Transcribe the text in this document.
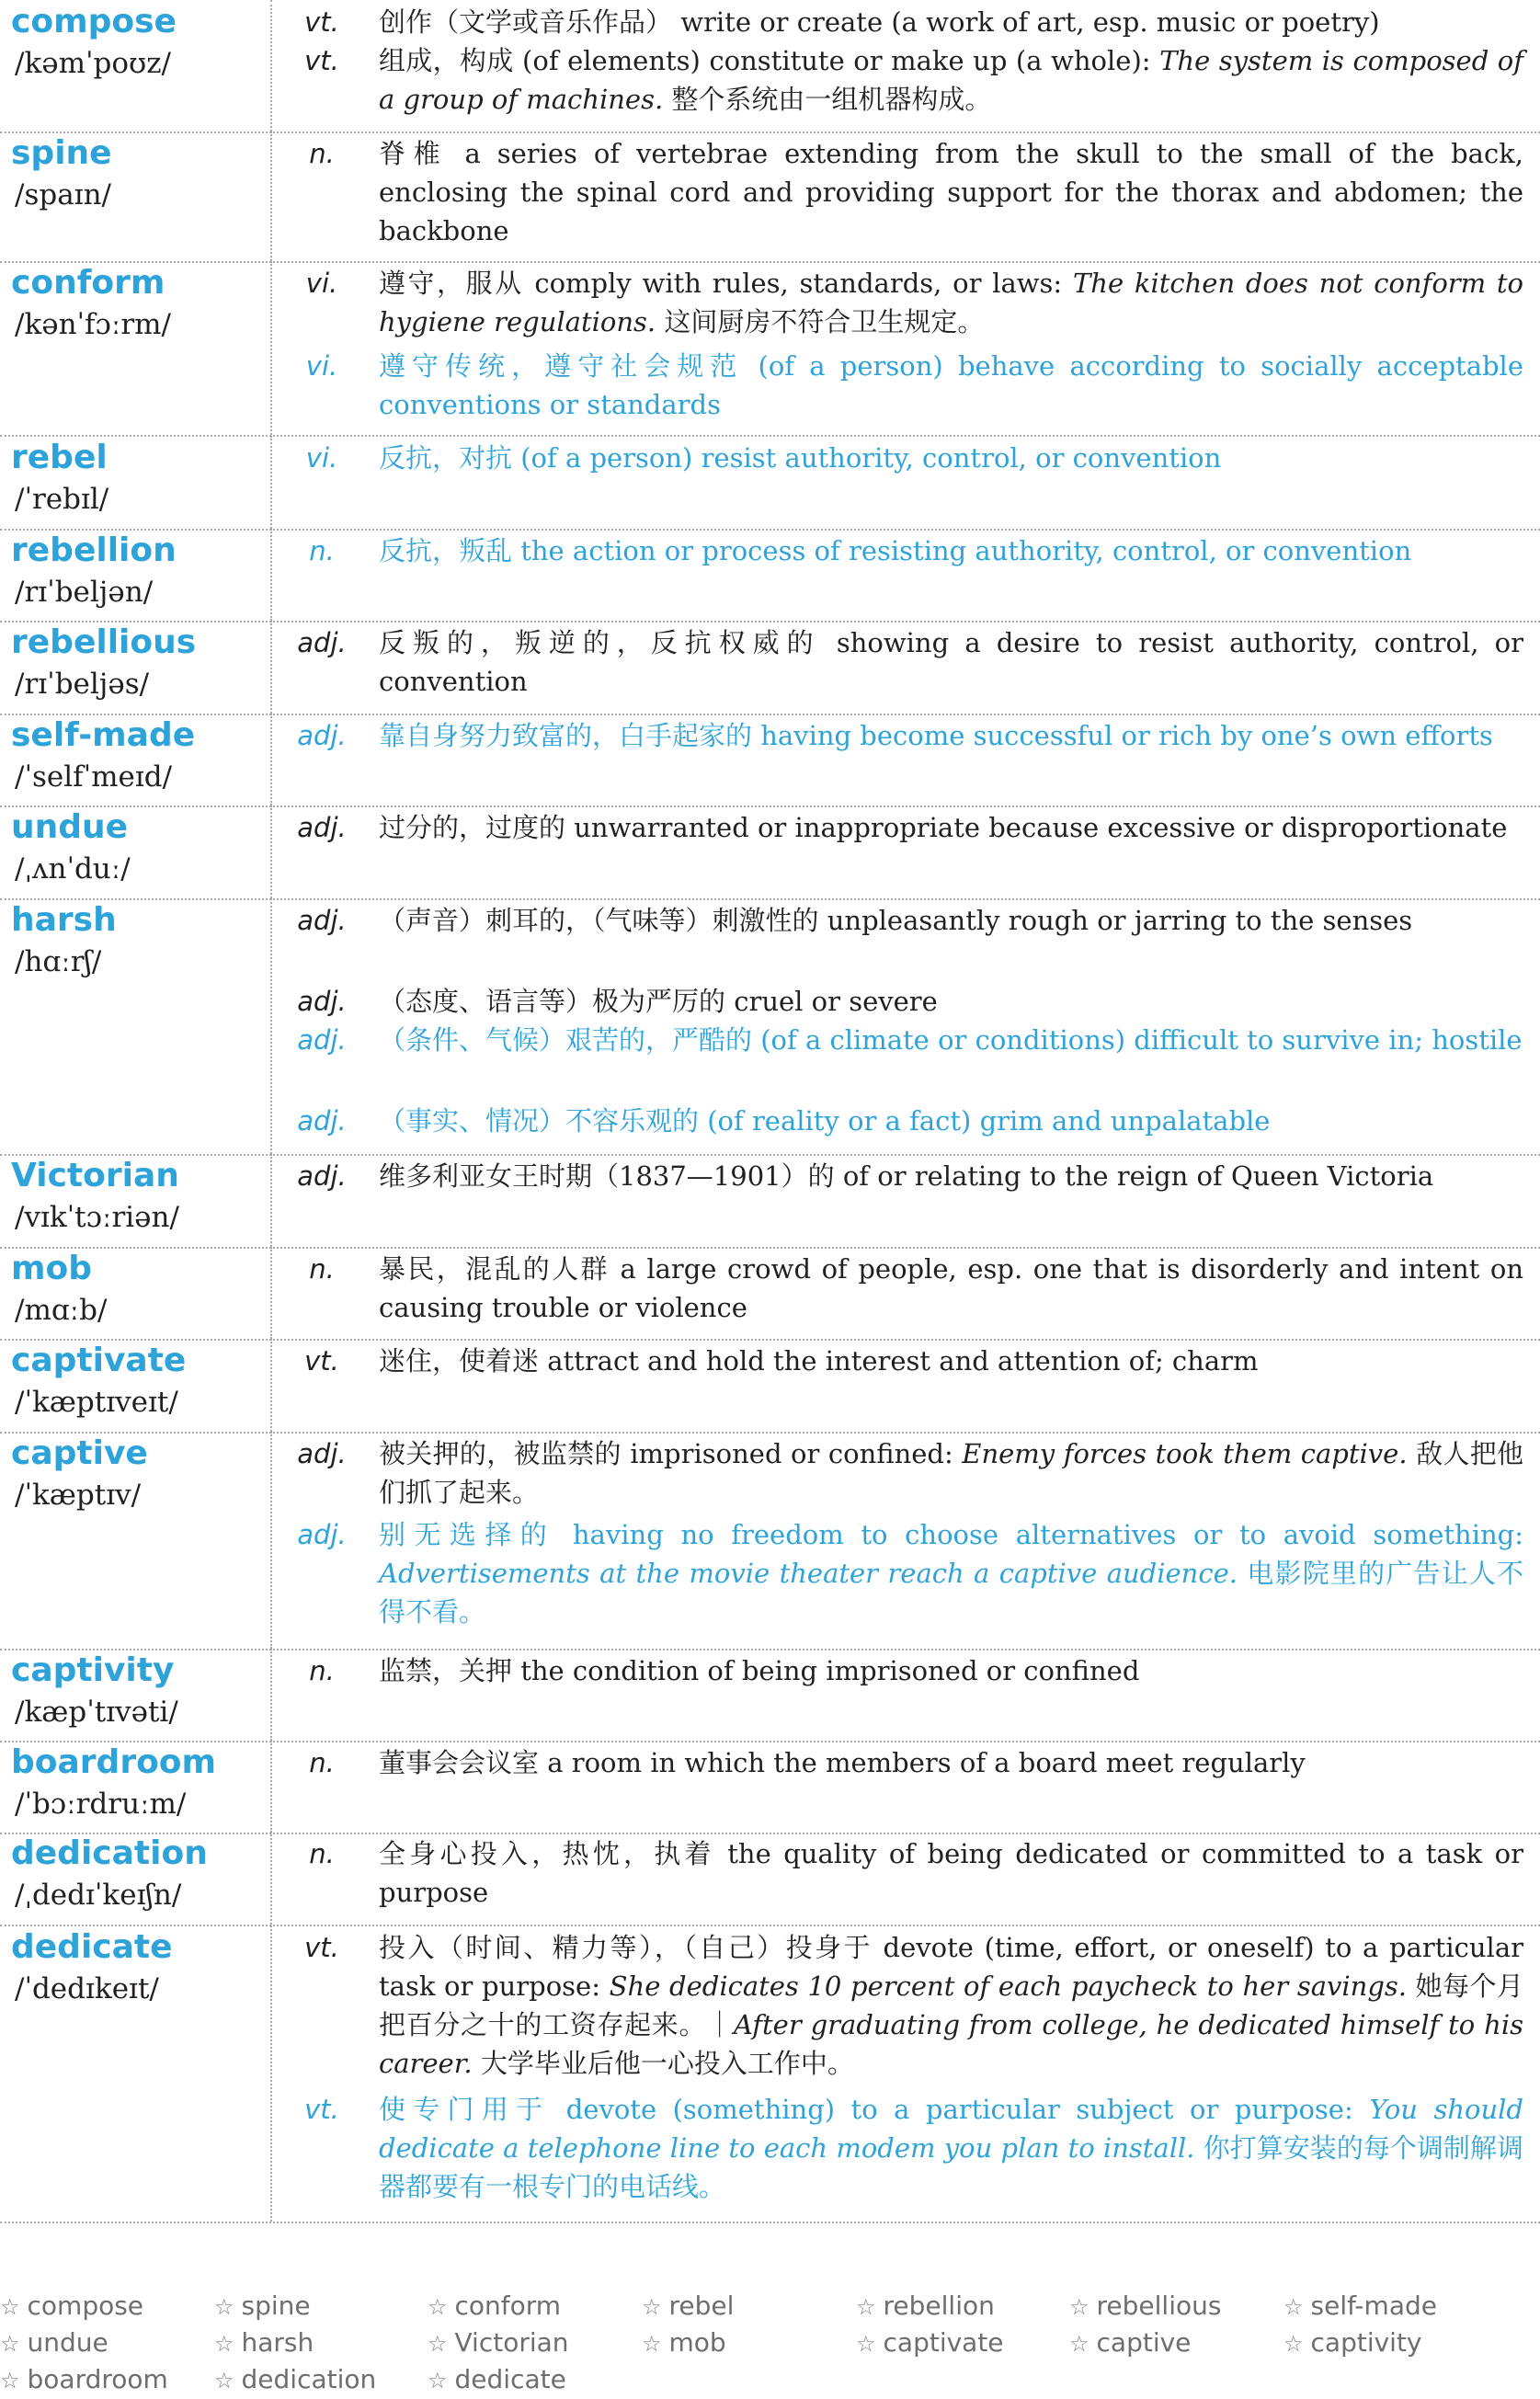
compose
/kəmˈpoʊz/
vt.	创作（文学或音乐作品） write or create (a work of art, esp. music or poetry)
vt.	组成，构成 (of elements) constitute or make up (a whole): The system is composed of a group of machines. 整个系统由一组机器构成。
spine
/spaɪn/
n.	脊椎 a series of vertebrae extending from the skull to the small of the back, enclosing the spinal cord and providing support for the thorax and abdomen; the backbone
conform
/kənˈfɔːrm/
vi.	遵守，服从 comply with rules, standards, or laws: The kitchen does not conform to hygiene regulations. 这间厨房不符合卫生规定。
vi.	遵守传统，遵守社会规范 (of a person) behave according to socially acceptable conventions or standards
rebel
/ˈrebɪl/
vi.	反抗，对抗 (of a person) resist authority, control, or convention
rebellion
/rɪˈbeljən/
n.	反抗，叛乱 the action or process of resisting authority, control, or convention
rebellious
/rɪˈbeljəs/
adj.	反叛的，叛逆的，反抗权威的 showing a desire to resist authority, control, or convention
self-made
/ˈselfˈmeɪd/
adj.	靠自身努力致富的，白手起家的 having become successful or rich by one’s own efforts
undue
/ˌʌnˈduː/
adj.	过分的，过度的 unwarranted or inappropriate because excessive or disproportionate
harsh
/hɑːrʃ/
adj.	（声音）刺耳的，（气味等）刺激性的 unpleasantly rough or jarring to the senses
adj.	（态度、语言等）极为严厉的 cruel or severe
adj.	（条件、气候）艰苦的，严酷的 (of a climate or conditions) difficult to survive in; hostile
adj.	（事实、情况）不容乐观的 (of reality or a fact) grim and unpalatable
Victorian
/vɪkˈtɔːriən/
adj.	维多利亚女王时期（1837—1901）的 of or relating to the reign of Queen Victoria
mob
/mɑːb/
n.	暴民，混乱的人群 a large crowd of people, esp. one that is disorderly and intent on causing trouble or violence
captivate
/ˈkæptɪveɪt/
vt.	迷住，使着迷 attract and hold the interest and attention of; charm
captive
/ˈkæptɪv/
adj.	被关押的，被监禁的 imprisoned or confined: Enemy forces took them captive. 敌人把他们抓了起来。
adj.	别无选择的 having no freedom to choose alternatives or to avoid something: Advertisements at the movie theater reach a captive audience. 电影院里的广告让人不得不看。
captivity
/kæpˈtɪvəti/
n.	监禁，关押 the condition of being imprisoned or confined
boardroom
/ˈbɔːrdruːm/
n.	董事会会议室 a room in which the members of a board meet regularly
dedication
/ˌdedɪˈkeɪʃn/
n.	全身心投入，热忱，执着 the quality of being dedicated or committed to a task or purpose
dedicate
/ˈdedɪkeɪt/
vt.	投入（时间、精力等），（自己）投身于 devote (time, effort, or oneself) to a particular task or purpose: She dedicates 10 percent of each paycheck to her savings. 她每个月把百分之十的工资存起来。｜After graduating from college, he dedicated himself to his career. 大学毕业后他一心投入工作中。
vt.	使专门用于 devote (something) to a particular subject or purpose: You should dedicate a telephone line to each modem you plan to install. 你打算安装的每个调制解调器都要有一根专门的电话线。
☆ compose	☆ spine	☆ conform	☆ rebel	☆ rebellion	☆ rebellious	☆ self-made
☆ undue	☆ harsh	☆ Victorian	☆ mob	☆ captivate	☆ captive	☆ captivity
☆ boardroom ☆ dedication ☆ dedicate
